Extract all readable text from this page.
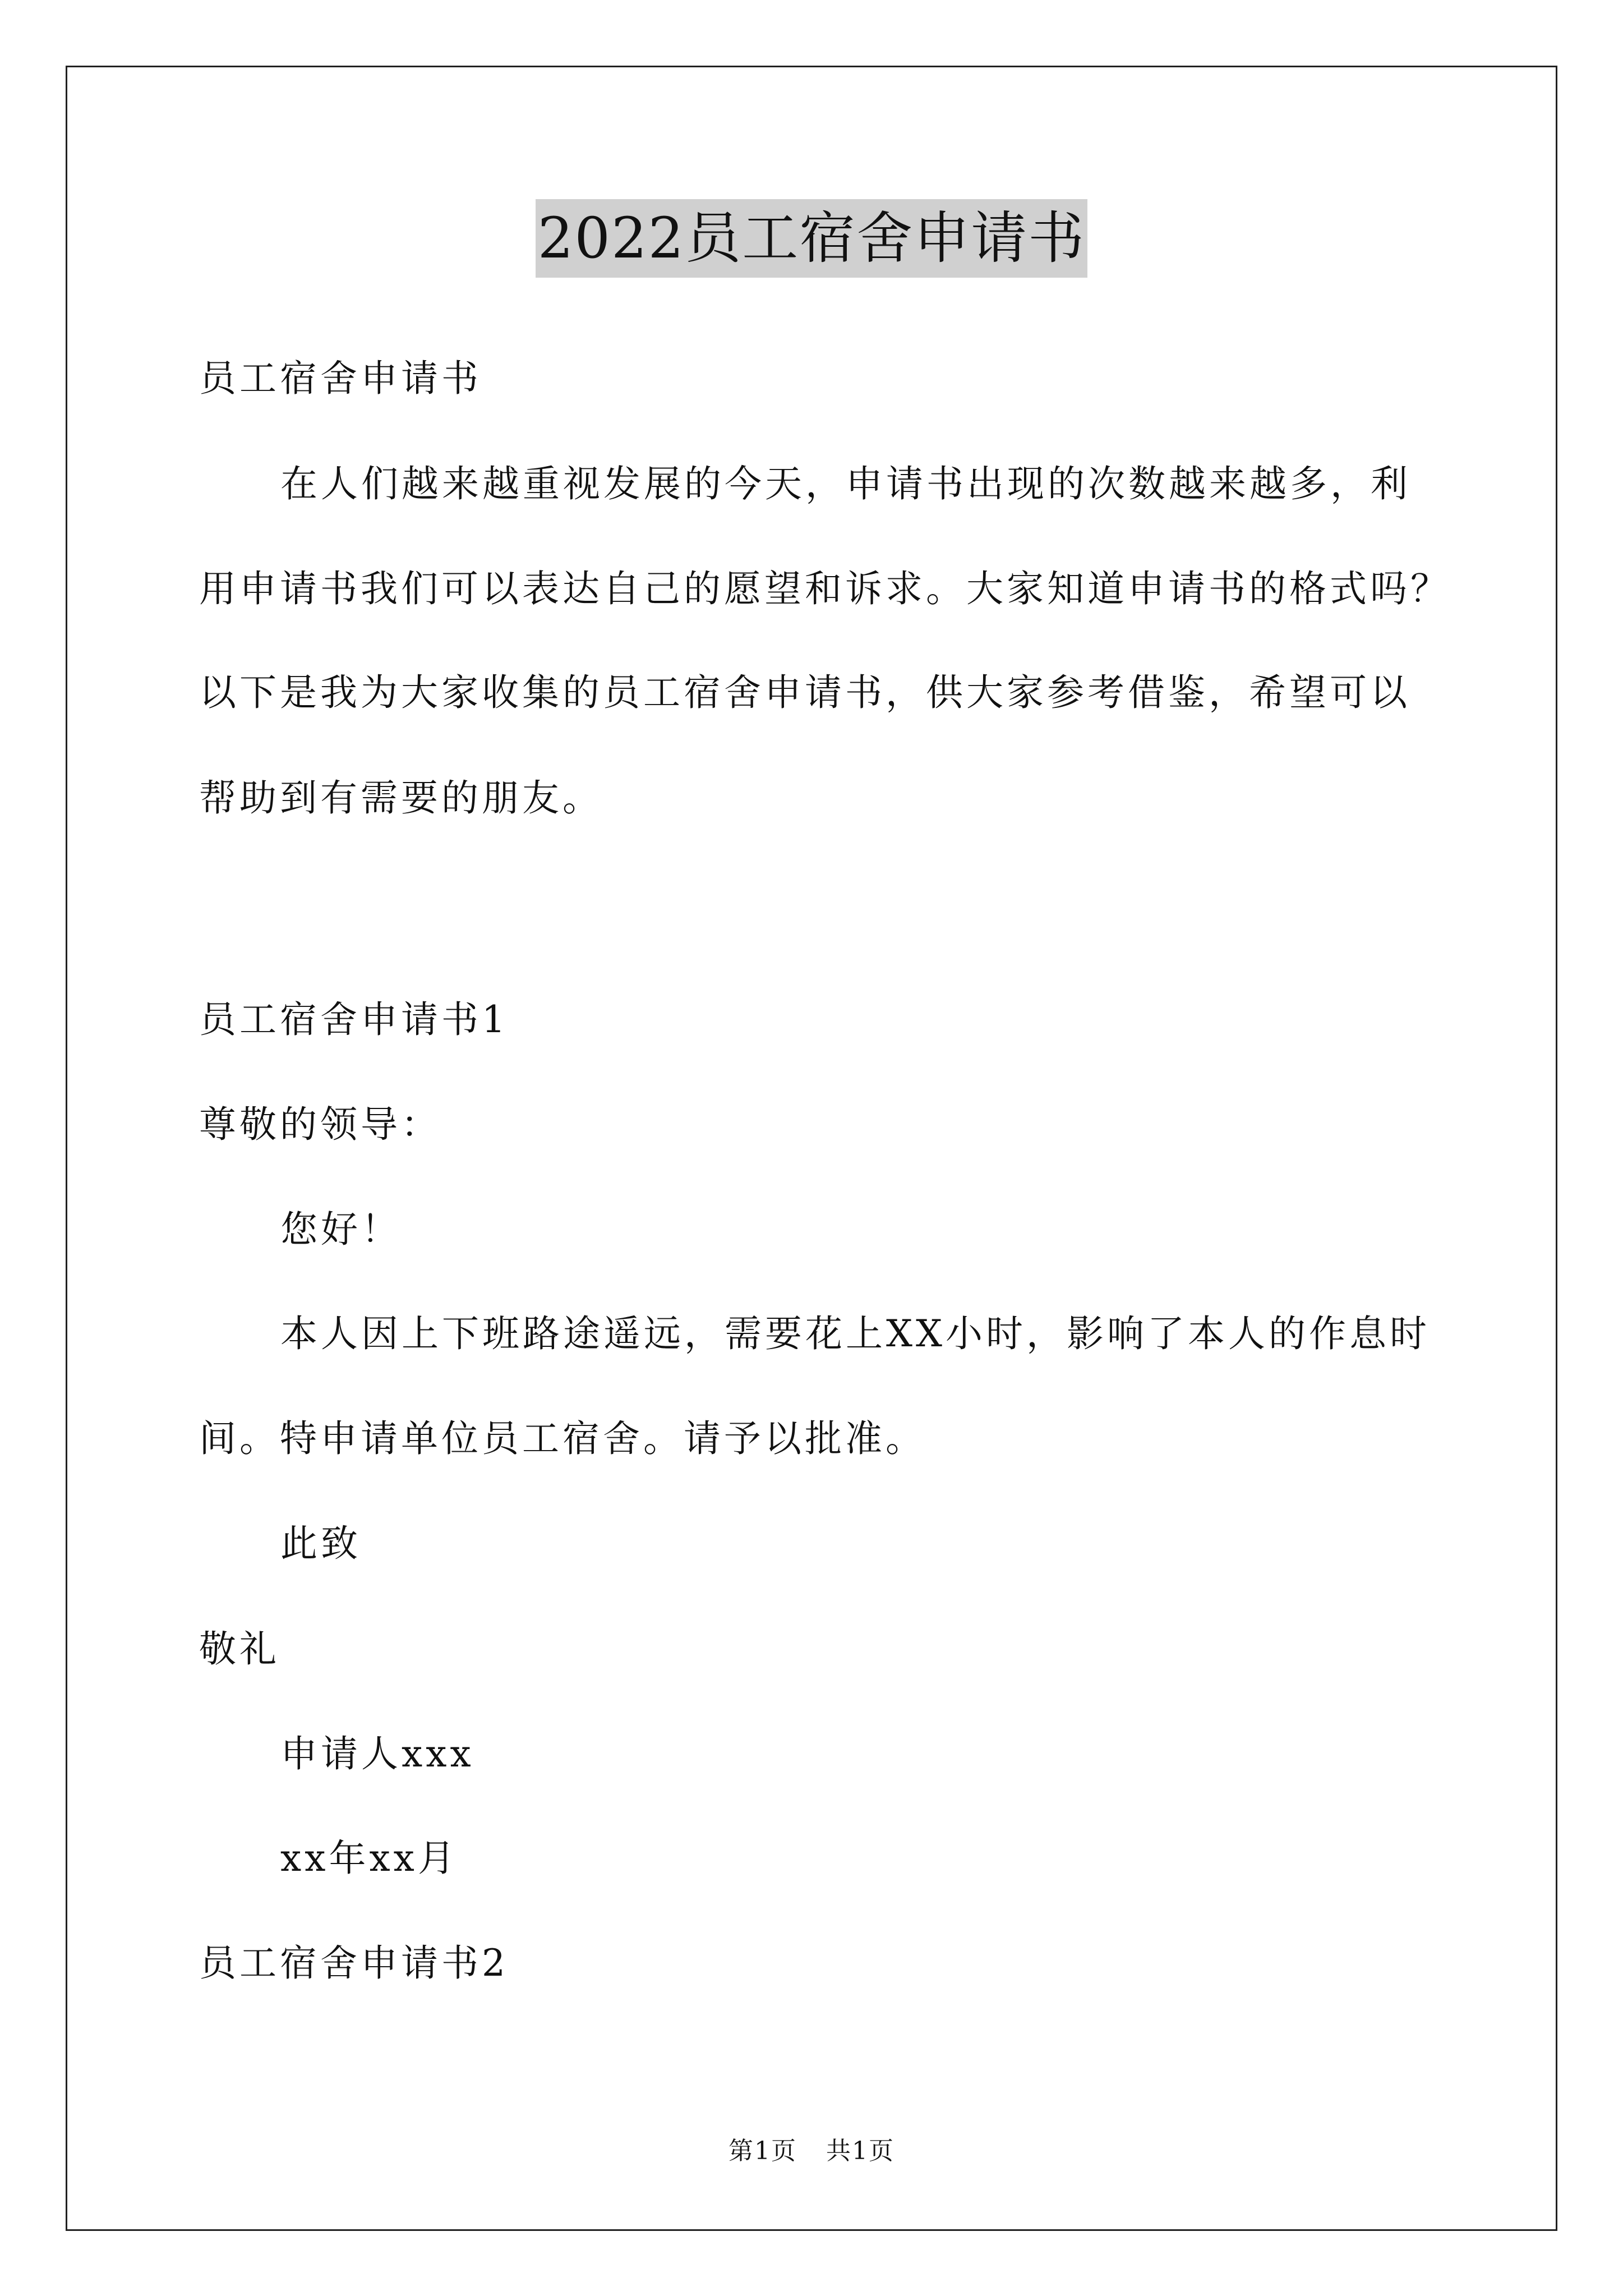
2022员工宿舍申请书
员工宿舍申请书
在人们越来越重视发展的今天，申请书出现的次数越来越多，利
用申请书我们可以表达自己的愿望和诉求。大家知道申请书的格式吗？
以下是我为大家收集的员工宿舍申请书，供大家参考借鉴，希望可以
帮助到有需要的朋友。
员工宿舍申请书1
尊敬的领导：
您好！
本人因上下班路途遥远，需要花上XX小时，影响了本人的作息时
间。特申请单位员工宿舍。请予以批准。
此致
敬礼
申请人xxx
xx年xx月
员工宿舍申请书2
第1页 共1页
